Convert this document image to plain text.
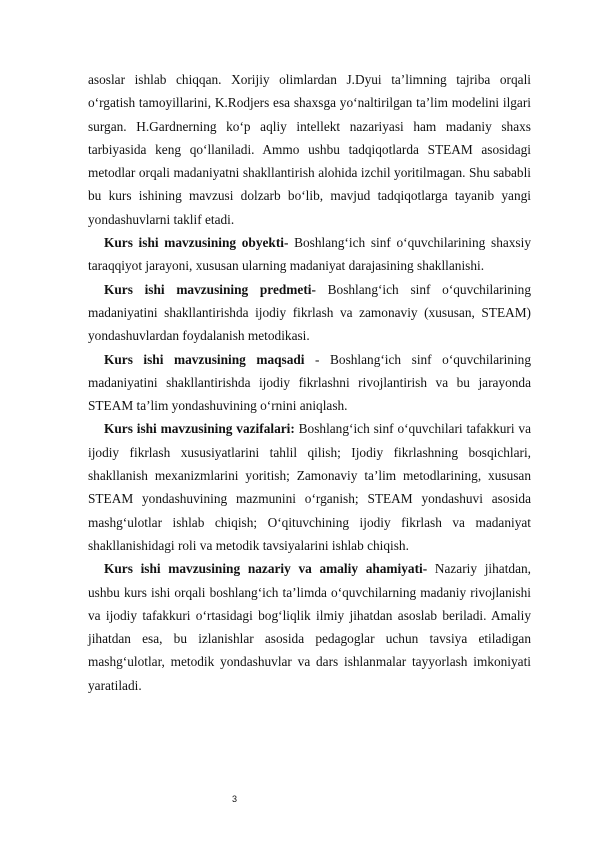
asoslar ishlab chiqqan. Xorijiy olimlardan J.Dyui ta’limning tajriba orqali o‘rgatish tamoyillarini, K.Rodjers esa shaxsga yo‘naltirilgan ta’lim modelini ilgari surgan. H.Gardnerning ko‘p aqliy intellekt nazariyasi ham madaniy shaxs tarbiyasida keng qo‘llaniladi. Ammo ushbu tadqiqotlarda STEAM asosidagi metodlar orqali madaniyatni shakllantirish alohida izchil yoritilmagan. Shu sababli bu kurs ishining mavzusi dolzarb bo‘lib, mavjud tadqiqotlarga tayanib yangi yondashuvlarni taklif etadi.

Kurs ishi mavzusining obyekti- Boshlang‘ich sinf o‘quvchilarining shaxsiy taraqqiyot jarayoni, xususan ularning madaniyat darajasining shakllanishi.

Kurs ishi mavzusining predmeti- Boshlang‘ich sinf o‘quvchilarining madaniyatini shakllantirishda ijodiy fikrlash va zamonaviy (xususan, STEAM) yondashuvlardan foydalanish metodikasi.

Kurs ishi mavzusining maqsadi - Boshlang‘ich sinf o‘quvchilarining madaniyatini shakllantirishda ijodiy fikrlashni rivojlantirish va bu jarayonda STEAM ta’lim yondashuvining o‘rnini aniqlash.

Kurs ishi mavzusining vazifalari: Boshlang‘ich sinf o‘quvchilari tafakkuri va ijodiy fikrlash xususiyatlarini tahlil qilish; Ijodiy fikrlashning bosqichlari, shakllanish mexanizmlarini yoritish; Zamonaviy ta’lim metodlarining, xususan STEAM yondashuvining mazmunini o‘rganish; STEAM yondashuvi asosida mashg‘ulotlar ishlab chiqish; O‘qituvchining ijodiy fikrlash va madaniyat shakllanishidagi roli va metodik tavsiyalarini ishlab chiqish.

Kurs ishi mavzusining nazariy va amaliy ahamiyati- Nazariy jihatdan, ushbu kurs ishi orqali boshlang‘ich ta’limda o‘quvchilarning madaniy rivojlanishi va ijodiy tafakkuri o‘rtasidagi bog‘liqlik ilmiy jihatdan asoslab beriladi. Amaliy jihatdan esa, bu izlanishlar asosida pedagoglar uchun tavsiya etiladigan mashg‘ulotlar, metodik yondashuvlar va dars ishlanmalar tayyorlash imkoniyati yaratiladi.

3
